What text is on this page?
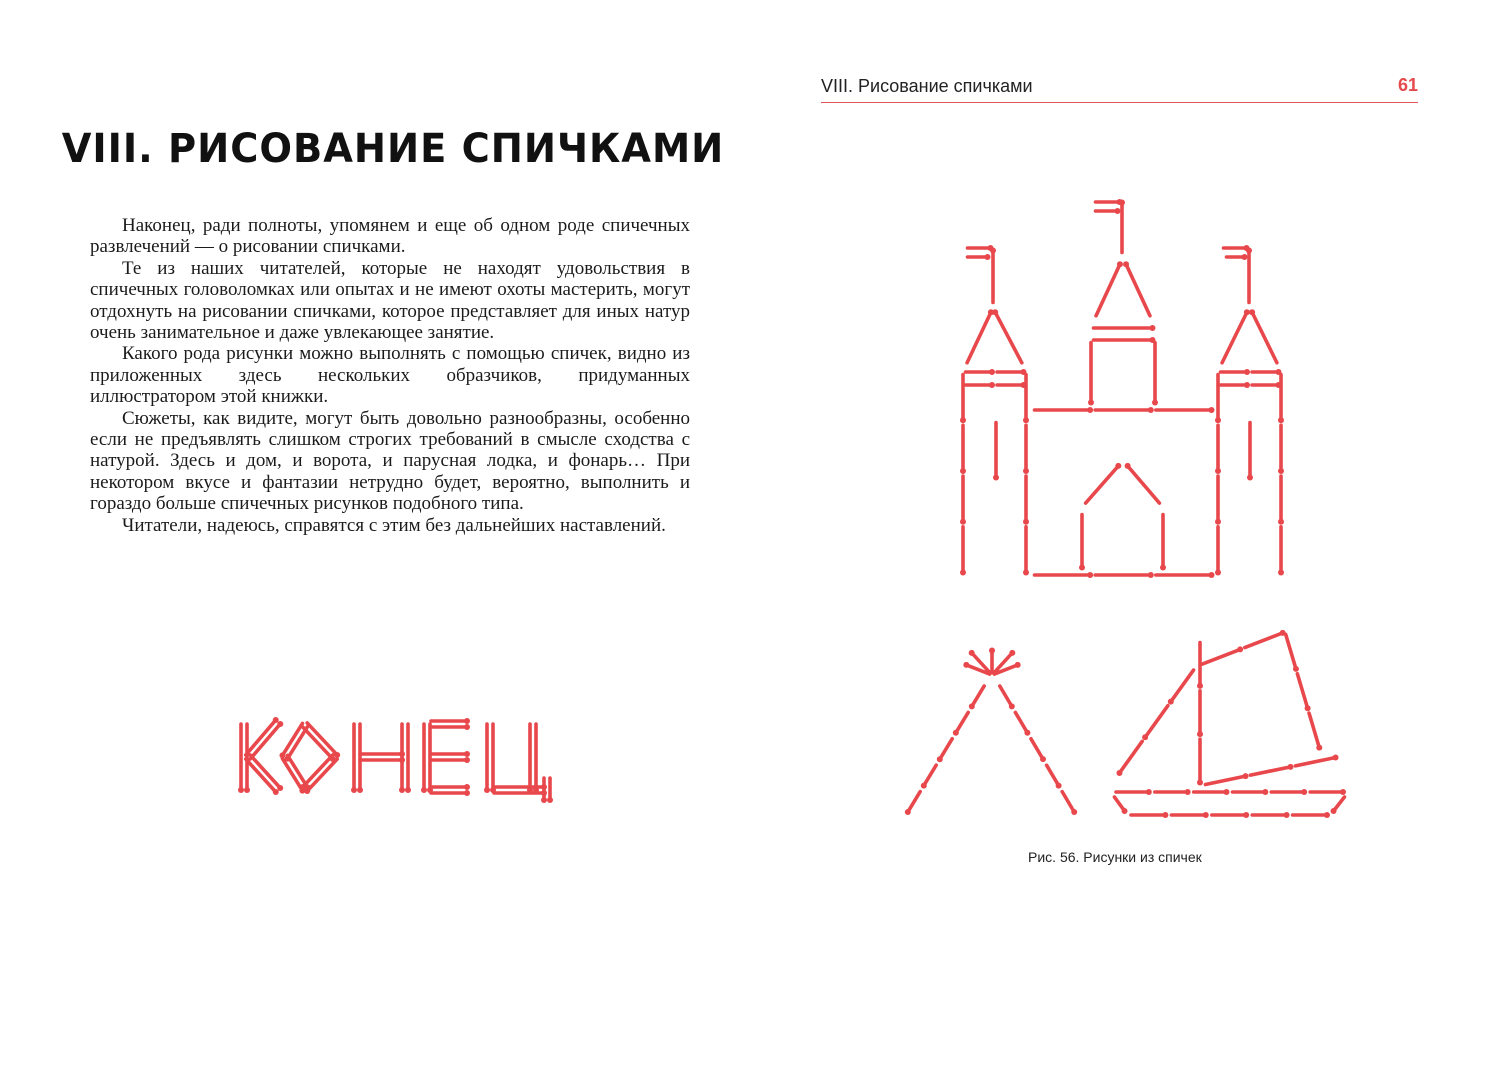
VIII. РИСОВАНИЕ СПИЧКАМИ

Наконец, ради полноты, упомянем и еще об одном роде спичечных развлечений — о рисовании спичками.

Те из наших читателей, которые не находят удовольствия в спичечных головоломках или опытах и не имеют охоты мастерить, могут отдохнуть на рисовании спичками, которое представляет для иных натур очень занимательное и даже увлекающее занятие.

Какого рода рисунки можно выполнять с помощью спичек, видно из приложенных здесь нескольких образчиков, придуманных иллюстратором этой книжки.

Сюжеты, как видите, могут быть довольно разнообразны, особенно если не предъявлять слишком строгих требований в смысле сходства с натурой. Здесь и дом, и ворота, и парусная лодка, и фонарь… При некотором вкусе и фантазии нетрудно будет, вероятно, выполнить и гораздо больше спичечных рисунков подобного типа.

Читатели, надеюсь, справятся с этим без дальнейших наставлений.

VIII. Рисование спичками	61
Рис. 56. Рисунки из спичек
